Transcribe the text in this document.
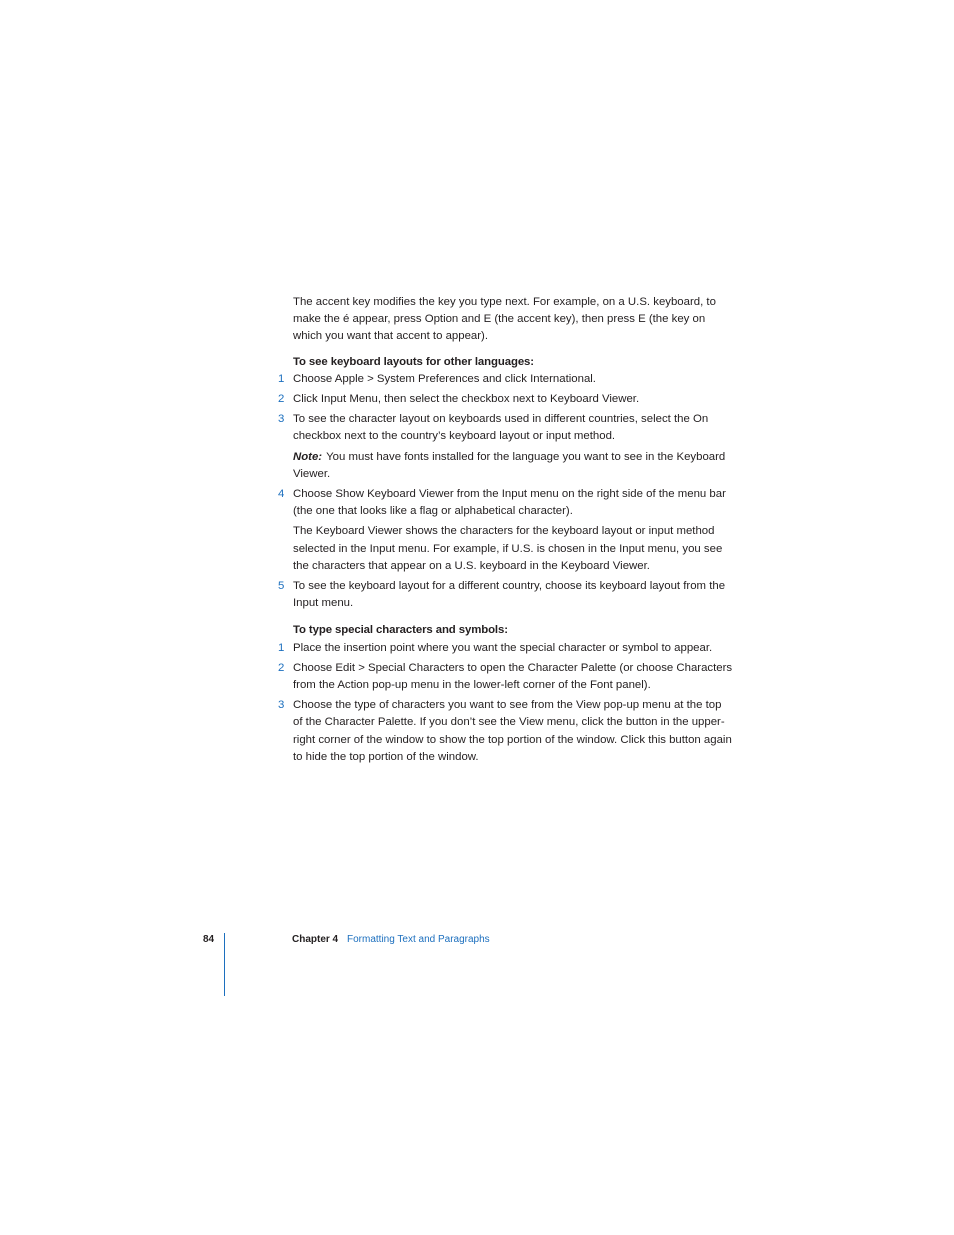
The accent key modifies the key you type next. For example, on a U.S. keyboard, to make the é appear, press Option and E (the accent key), then press E (the key on which you want that accent to appear).

To see keyboard layouts for other languages:

1 Choose Apple > System Preferences and click International.
2 Click Input Menu, then select the checkbox next to Keyboard Viewer.
3 To see the character layout on keyboards used in different countries, select the On checkbox next to the country’s keyboard layout or input method.

Note: You must have fonts installed for the language you want to see in the Keyboard Viewer.

4 Choose Show Keyboard Viewer from the Input menu on the right side of the menu bar (the one that looks like a flag or alphabetical character).

The Keyboard Viewer shows the characters for the keyboard layout or input method selected in the Input menu. For example, if U.S. is chosen in the Input menu, you see the characters that appear on a U.S. keyboard in the Keyboard Viewer.

5 To see the keyboard layout for a different country, choose its keyboard layout from the Input menu.

To type special characters and symbols:

1 Place the insertion point where you want the special character or symbol to appear.
2 Choose Edit > Special Characters to open the Character Palette (or choose Characters from the Action pop-up menu in the lower-left corner of the Font panel).
3 Choose the type of characters you want to see from the View pop-up menu at the top of the Character Palette. If you don’t see the View menu, click the button in the upper-right corner of the window to show the top portion of the window. Click this button again to hide the top portion of the window.
84	Chapter 4 Formatting Text and Paragraphs
